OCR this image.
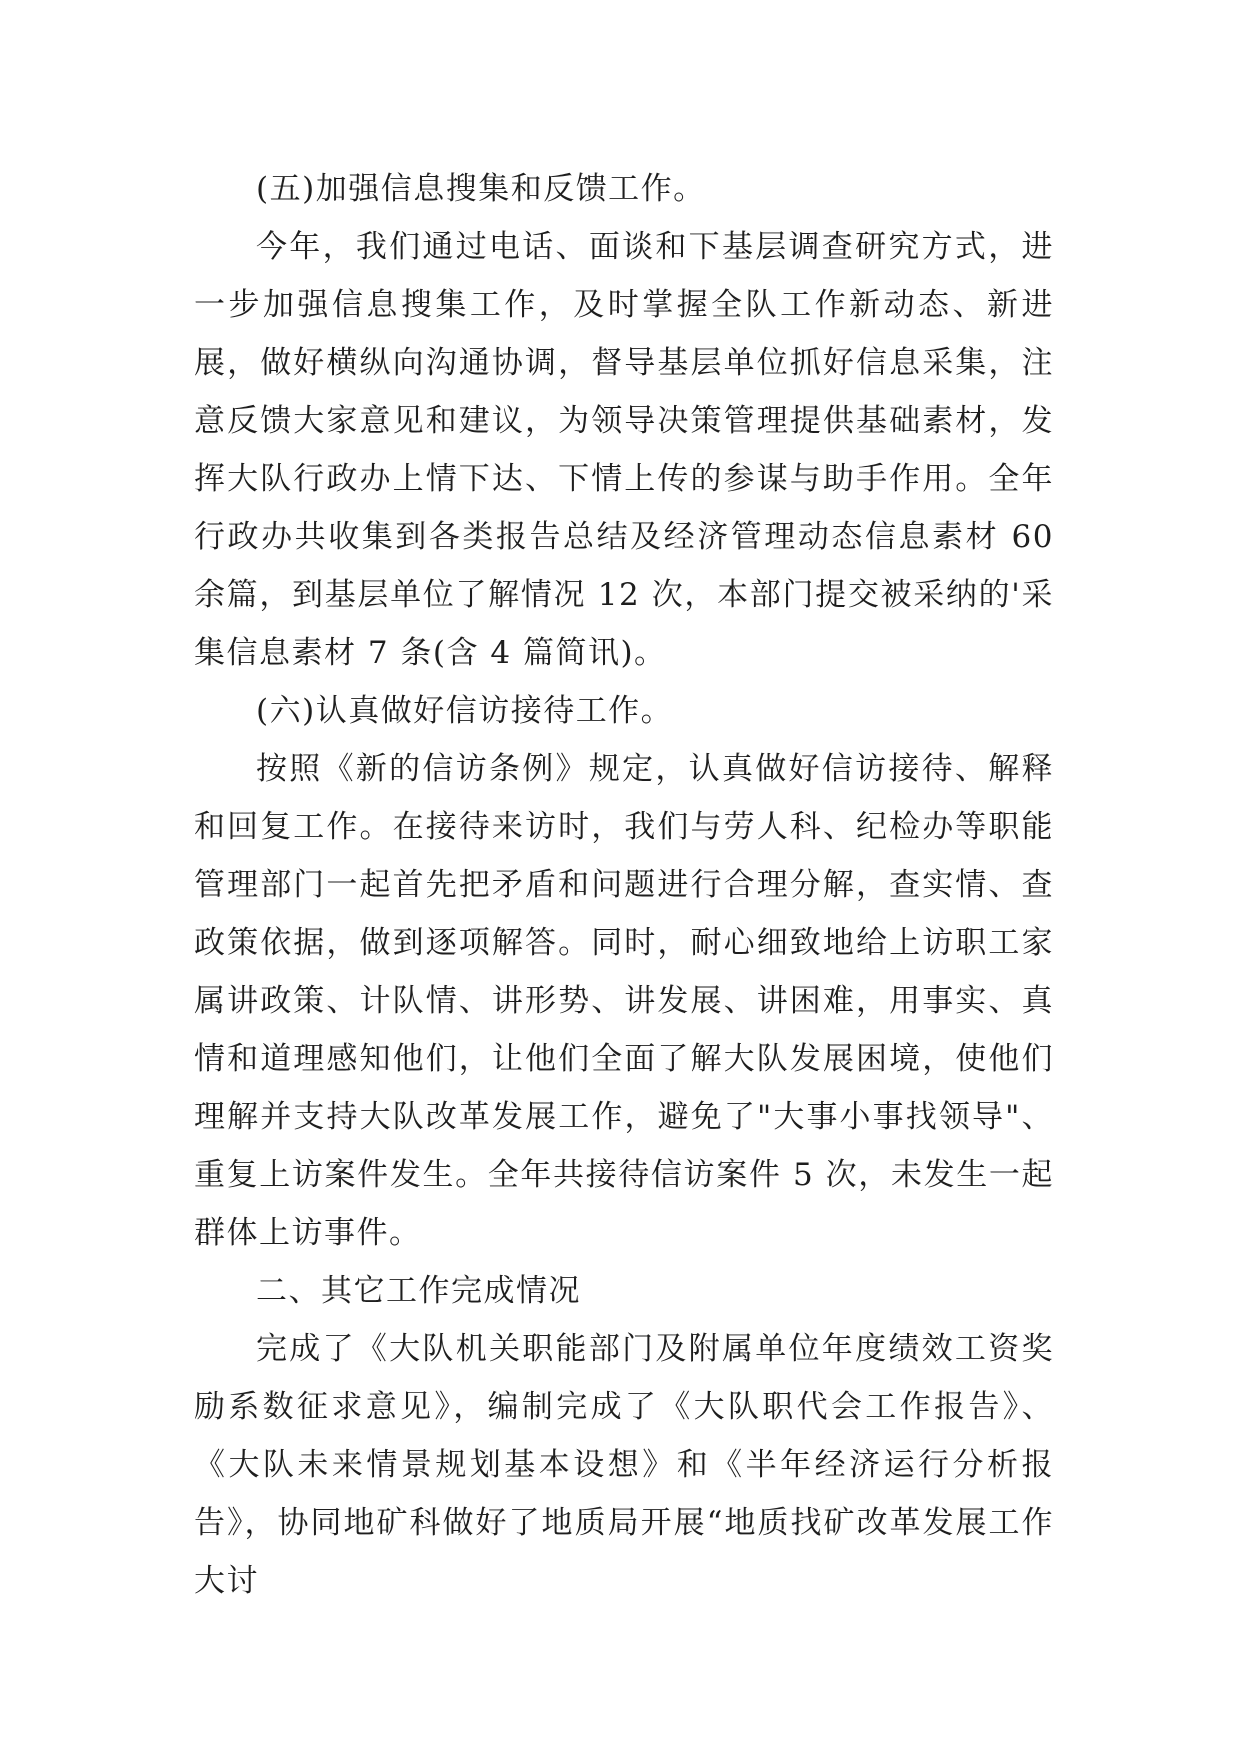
(五)加强信息搜集和反馈工作。

今年，我们通过电话、面谈和下基层调查研究方式，进一步加强信息搜集工作，及时掌握全队工作新动态、新进展，做好横纵向沟通协调，督导基层单位抓好信息采集，注意反馈大家意见和建议，为领导决策管理提供基础素材，发挥大队行政办上情下达、下情上传的参谋与助手作用。全年行政办共收集到各类报告总结及经济管理动态信息素材 60 余篇，到基层单位了解情况 12 次，本部门提交被采纳的'采集信息素材 7 条(含 4 篇简讯)。

(六)认真做好信访接待工作。

按照《新的信访条例》规定，认真做好信访接待、解释和回复工作。在接待来访时，我们与劳人科、纪检办等职能管理部门一起首先把矛盾和问题进行合理分解，查实情、查政策依据，做到逐项解答。同时，耐心细致地给上访职工家属讲政策、计队情、讲形势、讲发展、讲困难，用事实、真情和道理感知他们，让他们全面了解大队发展困境，使他们理解并支持大队改革发展工作，避免了"大事小事找领导"、重复上访案件发生。全年共接待信访案件 5 次，未发生一起群体上访事件。

二、其它工作完成情况

完成了《大队机关职能部门及附属单位年度绩效工资奖励系数征求意见》，编制完成了《大队职代会工作报告》、《大队未来情景规划基本设想》和《半年经济运行分析报告》，协同地矿科做好了地质局开展“地质找矿改革发展工作大讨
